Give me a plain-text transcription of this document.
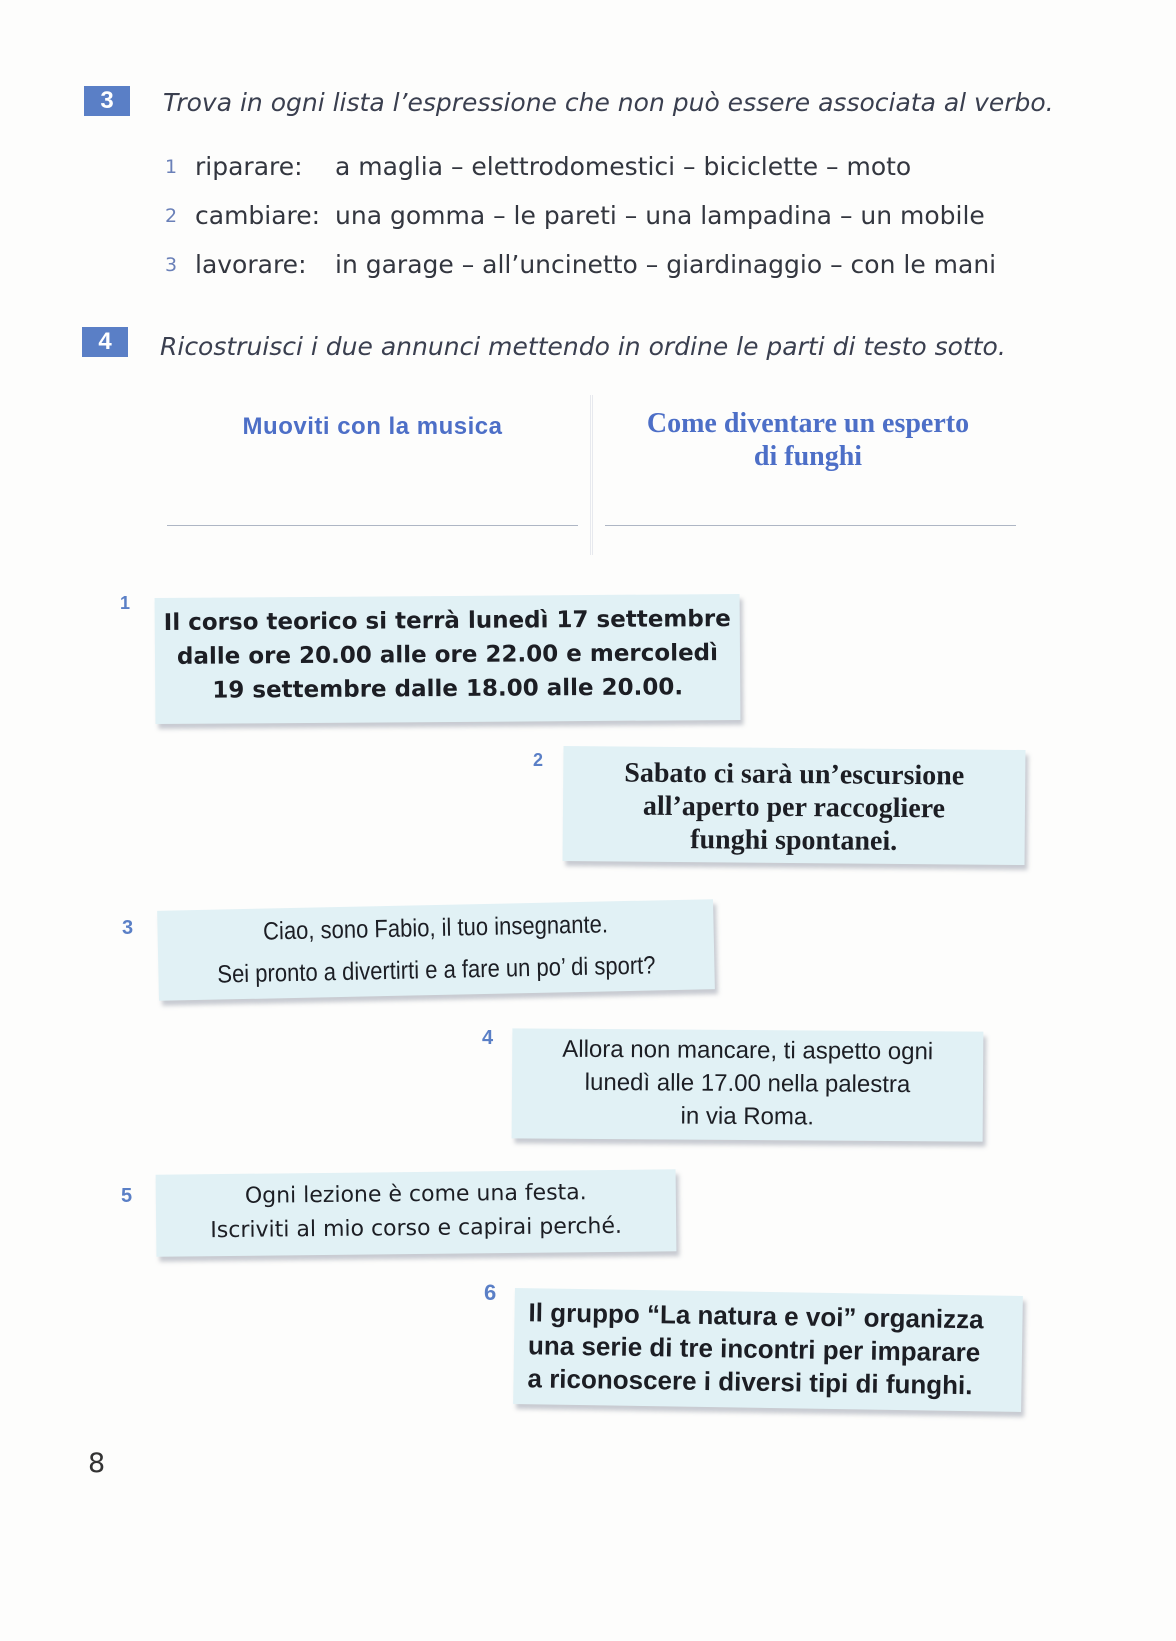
3	Trova in ogni lista l’espressione che non può essere associata al verbo.
1 riparare: a maglia – elettrodomestici – biciclette – moto
2 cambiare: una gomma – le pareti – una lampadina – un mobile
3 lavorare: in garage – all’uncinetto – giardinaggio – con le mani
4	Ricostruisci i due annunci mettendo in ordine le parti di testo sotto.
Muoviti con la musica	Come diventare un esperto di funghi
1
Il corso teorico si terrà lunedì 17 settembre
dalle ore 20.00 alle ore 22.00 e mercoledì
19 settembre dalle 18.00 alle 20.00.
2	Sabato ci sarà un’escursione
all’aperto per raccogliere
funghi spontanei.
3	Ciao, sono Fabio, il tuo insegnante.
Sei pronto a divertirti e a fare un po’ di sport?
4	Allora non mancare, ti aspetto ogni
lunedì alle 17.00 nella palestra
in via Roma.
5	Ogni lezione è come una festa.
Iscriviti al mio corso e capirai perché.
6
Il gruppo “La natura e voi” organizza
una serie di tre incontri per imparare
a riconoscere i diversi tipi di funghi.
8
